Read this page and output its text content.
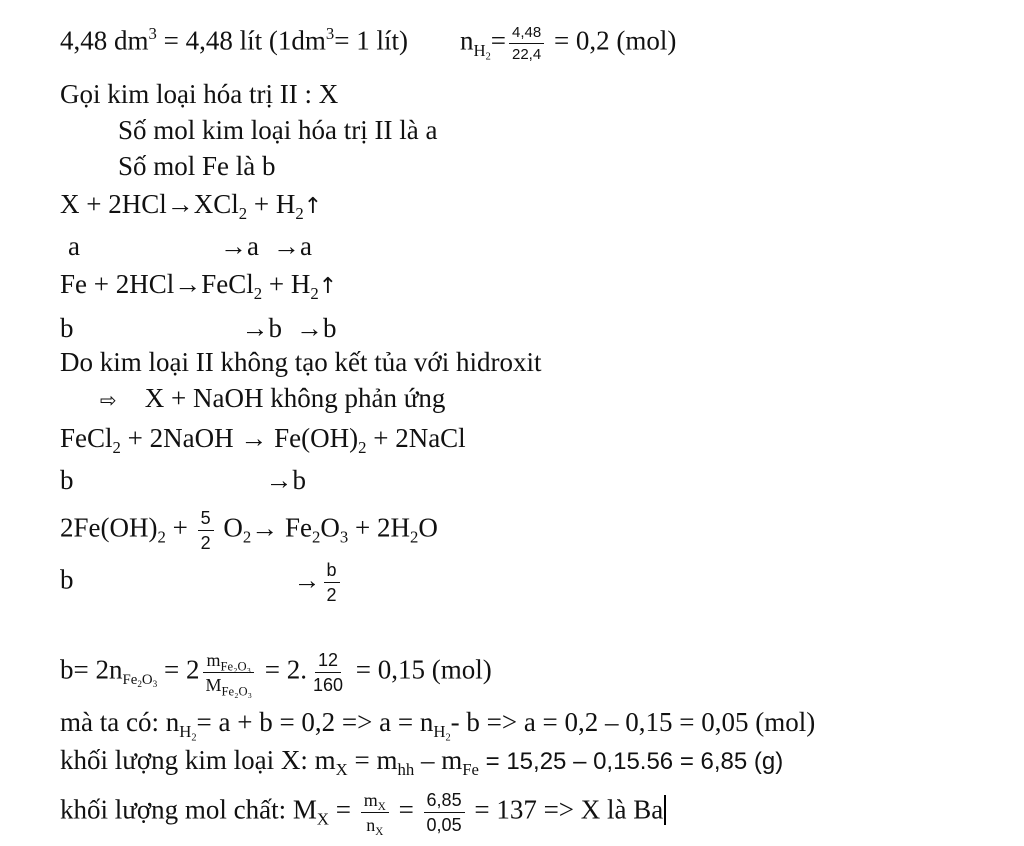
4,48 $dm^3 = 4,48$ lít ($1dm^3= 1$ lít) $n_{H_2}= \frac{4,48}{22,4} = 0,2$ (mol)
Gọi kim loại hóa trị II : X
Số mol kim loại hóa trị II là a
Số mol Fe là b
$X + 2HCl\to XCl_2 + H_2↑$
a	→a →a
Fe + 2HCl→FeCl$_2$ + $H_2↑$
b	→b →b
Do kim loại II không tạo kết tủa với hidroxit
⇨ X + NaOH không phản ứng
FeCl$_2$ + 2NaOH → $Fe(OH)_2$ + 2NaCl
b	→b
$2Fe(OH)_2 + \frac{5}{2} O_2\to Fe_2O_3 + 2H_2O$
b	→ $\frac{b}{2}$
$b= 2n_{Fe_2O_3} = 2 \frac{m_{Fe_2O_3}}{M_{Fe_2O_3}} = 2$. $\frac{12}{160} = 0,15$ (mol)
mà ta có: $n_{H_2}= a + b = 0,2 => a = n_{H_2}-$ b => a = 0,2 – 0,15 = 0,05 (mol)
khối lượng kim loại X: $m_X = m_{hh} - m_{Fe} = 15,25 - 0,15.56 = 6,85$ (g)
khối lượng mol chất: $M_X = \frac{m_X}{n_X} = \frac{6,85}{0,05} = 137 => X$ là Ba
